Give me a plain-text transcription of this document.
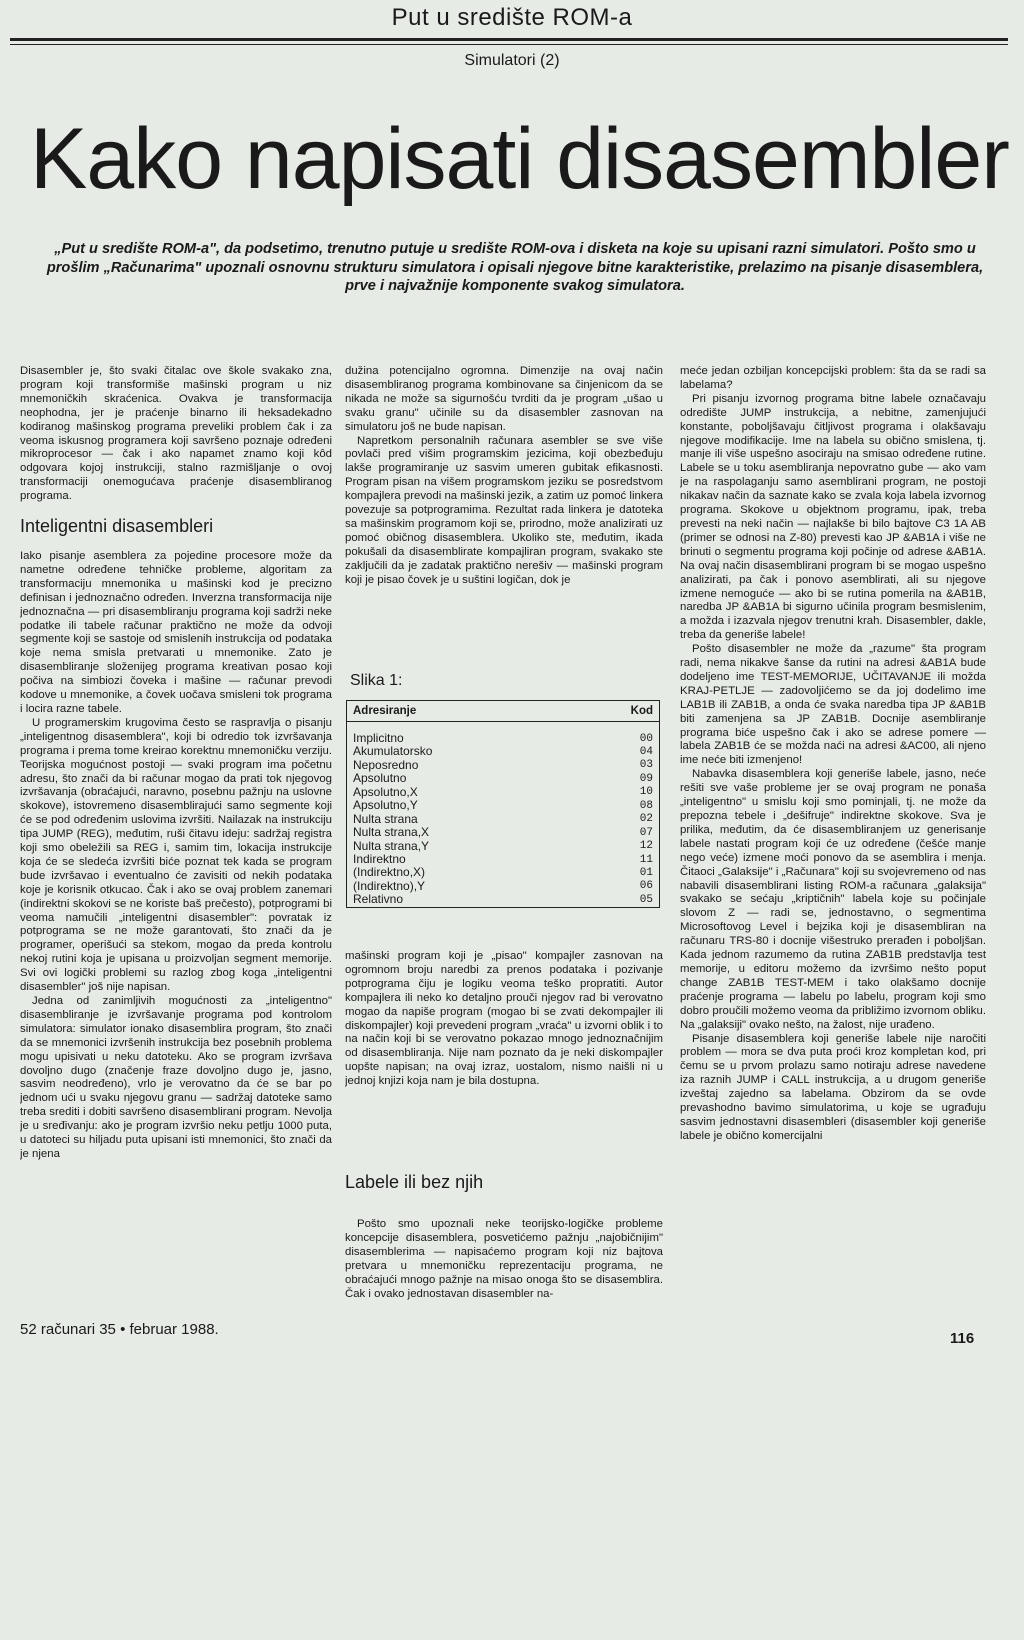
Put u središte ROM-a
Simulatori (2)
Kako napisati disasembler
„Put u središte ROM-a", da podsetimo, trenutno putuje u središte ROM-ova i disketa na koje su upisani razni simulatori. Pošto smo u prošlim „Računarima" upoznali osnovnu strukturu simulatora i opisali njegove bitne karakteristike, prelazimo na pisanje disasemblera, prve i najvažnije komponente svakog simulatora.

Disasembler je, što svaki čitalac ove škole svakako zna, program koji transformiše mašinski program u niz mnemoničkih skraćenica. Ovakva je transformacija neophodna, jer je praćenje binarno ili heksadekadno kodiranog mašinskog programa preveliki problem čak i za veoma iskusnog programera koji savršeno poznaje određeni mikroprocesor — čak i ako napamet znamo koji kôd odgovara kojoj instrukciji, stalno razmišljanje o ovoj transformaciji onemogućava praćenje disasembliranog programa.

Inteligentni disasembleri

Iako pisanje asemblera za pojedine procesore može da nametne određene tehničke probleme, algoritam za transformaciju mnemonika u mašinski kod je precizno definisan i jednoznačno određen. Inverzna transformacija nije jednoznačna — pri disasembliranju programa koji sadrži neke podatke ili tabele računar praktično ne može da odvoji segmente koji se sastoje od smislenih instrukcija od podataka koje nema smisla pretvarati u mnemonike. Zato je disasembliranje složenijeg programa kreativan posao koji počiva na simbiozi čoveka i mašine — računar prevodi kodove u mnemonike, a čovek uočava smisleni tok programa i locira razne tabele.

U programerskim krugovima često se raspravlja o pisanju „inteligentnog disasemblera", koji bi odredio tok izvršavanja programa i prema tome kreirao korektnu mnemoničku verziju. Teorijska mogućnost postoji — svaki program ima početnu adresu, što znači da bi računar mogao da prati tok njegovog izvršavanja (obraćajući, naravno, posebnu pažnju na uslovne skokove), istovremeno disasemblirajući samo segmente koji će se pod određenim uslovima izvršiti. Nailazak na instrukciju tipa JUMP (REG), međutim, ruši čitavu ideju: sadržaj registra koji smo obeležili sa REG i, samim tim, lokacija instrukcije koja će se sledeća izvršiti biće poznat tek kada se program bude izvršavao i eventualno će zavisiti od nekih podataka koje je korisnik otkucao. Čak i ako se ovaj problem zanemari (indirektni skokovi se ne koriste baš prečesto), potprogrami bi veoma namučili „inteligentni disasembler": povratak iz potprograma se ne može garantovati, što znači da je programer, operišući sa stekom, mogao da preda kontrolu nekoj rutini koja je upisana u proizvoljan segment memorije. Svi ovi logički problemi su razlog zbog koga „inteligentni disasembler" još nije napisan.

Jedna od zanimljivih mogućnosti za „inteligentno" disasembliranje je izvršavanje programa pod kontrolom simulatora: simulator ionako disasemblira program, što znači da se mnemonici izvršenih instrukcija bez posebnih problema mogu upisivati u neku datoteku. Ako se program izvršava dovoljno dugo (značenje fraze dovoljno dugo je, jasno, sasvim neodređeno), vrlo je verovatno da će se bar po jednom ući u svaku njegovu granu — sadržaj datoteke samo treba srediti i dobiti savršeno disasemblirani program. Nevolja je u sređivanju: ako je program izvršio neku petlju 1000 puta, u datoteci su hiljadu puta upisani isti mnemonici, što znači da je njena

dužina potencijalno ogromna. Dimenzije na ovaj način disasembliranog programa kombinovane sa činjenicom da se nikada ne može sa sigurnošću tvrditi da je program „ušao u svaku granu" učinile su da disasembler zasnovan na simulatoru još ne bude napisan.

Napretkom personalnih računara asembler se sve više povlači pred višim programskim jezicima, koji obezbeđuju lakše programiranje uz sasvim umeren gubitak efikasnosti. Program pisan na višem programskom jeziku se posredstvom kompajlera prevodi na mašinski jezik, a zatim uz pomoć linkera povezuje sa potprogramima. Rezultat rada linkera je datoteka sa mašinskim programom koji se, prirodno, može analizirati uz pomoć običnog disasemblera. Ukoliko ste, međutim, ikada pokušali da disasemblirate kompajliran program, svakako ste zaključili da je zadatak praktično nerešiv — mašinski program koji je pisao čovek je u suštini logičan, dok je

Slika 1:
Adresiranje	Kod

Implicitno	00
Akumulatorsko	04
Neposredno	03
Apsolutno	09
Apsolutno,X	10
Apsolutno,Y	08
Nulta strana	02
Nulta strana,X	07
Nulta strana,Y	12
Indirektno	11
(Indirektno,X)	01
(Indirektno),Y	06
Relativno	05

mašinski program koji je „pisao" kompajler zasnovan na ogromnom broju naredbi za prenos podataka i pozivanje potprograma čiju je logiku veoma teško propratiti. Autor kompajlera ili neko ko detaljno prouči njegov rad bi verovatno mogao da napiše program (mogao bi se zvati dekompajler ili diskompajler) koji prevedeni program „vraća" u izvorni oblik i to na način koji bi se verovatno pokazao mnogo jednoznačnijim od disasembliranja. Nije nam poznato da je neki diskompajler uopšte napisan; na ovaj izraz, uostalom, nismo naišli ni u jednoj knjizi koja nam je bila dostupna.

Labele ili bez njih

Pošto smo upoznali neke teorijsko-logičke probleme koncepcije disasemblera, posvetićemo pažnju „najobičnijim" disasemblerima — napisaćemo program koji niz bajtova pretvara u mnemoničku reprezentaciju programa, ne obraćajući mnogo pažnje na misao onoga što se disasemblira. Čak i ovako jednostavan disasembler na-

meće jedan ozbiljan koncepcijski problem: šta da se radi sa labelama?

Pri pisanju izvornog programa bitne labele označavaju odredište JUMP instrukcija, a nebitne, zamenjujući konstante, poboljšavaju čitljivost programa i olakšavaju njegove modifikacije. Ime na labela su obično smislena, tj. manje ili više uspešno asociraju na smisao određene rutine. Labele se u toku asembliranja nepovratno gube — ako vam je na raspolaganju samo asemblirani program, ne postoji nikakav način da saznate kako se zvala koja labela izvornog programa. Skokove u objektnom programu, ipak, treba prevesti na neki način — najlakše bi bilo bajtove C3 1A AB (primer se odnosi na Z-80) prevesti kao JP &AB1A i više ne brinuti o segmentu programa koji počinje od adrese &AB1A. Na ovaj način disasemblirani program bi se mogao uspešno analizirati, pa čak i ponovo asemblirati, ali su njegove izmene nemoguće — ako bi se rutina pomerila na &AB1B, naredba JP &AB1A bi sigurno učinila program besmislenim, a možda i izazvala njegov trenutni krah. Disasembler, dakle, treba da generiše labele!

Pošto disasembler ne može da „razume" šta program radi, nema nikakve šanse da rutini na adresi &AB1A bude dodeljeno ime TEST-MEMORIJE, UČITAVANJE ili možda KRAJ-PETLJE — zadovoljićemo se da joj dodelimo ime LAB1B ili ZAB1B, a onda će svaka naredba tipa JP &AB1B biti zamenjena sa JP ZAB1B. Docnije asembliranje programa biće uspešno čak i ako se adrese pomere — labela ZAB1B će se možda naći na adresi &AC00, ali njeno ime neće biti izmenjeno!

Nabavka disasemblera koji generiše labele, jasno, neće rešiti sve vaše probleme jer se ovaj program ne ponaša „inteligentno" u smislu koji smo pominjali, tj. ne može da prepozna tebele i „dešifruje" indirektne skokove. Sva je prilika, međutim, da će disasembliranjem uz generisanje labele nastati program koji će uz određene (češće manje nego veće) izmene moći ponovo da se asemblira i menja. Čitaoci „Galaksije" i „Računara" koji su svojevremeno od nas nabavili disasemblirani listing ROM-a računara „galaksija" svakako se sećaju „kriptičnih" labela koje su počinjale slovom Z — radi se, jednostavno, o segmentima Microsoftovog Level i bejzika koji je disasembliran na računaru TRS-80 i docnije višestruko prerađen i poboljšan. Kada jednom razumemo da rutina ZAB1B predstavlja test memorije, u editoru možemo da izvršimo nešto poput change ZAB1B TEST-MEM i tako olakšamo docnije praćenje programa — labelu po labelu, program koji smo dobro proučili možemo veoma da približimo izvornom obliku. Na „galaksiji" ovako nešto, na žalost, nije urađeno.

Pisanje disasemblera koji generiše labele nije naročiti problem — mora se dva puta proći kroz kompletan kod, pri čemu se u prvom prolazu samo notiraju adrese navedene iza raznih JUMP i CALL instrukcija, a u drugom generiše izveštaj zajedno sa labelama. Obzirom da se ovde prevashodno bavimo simulatorima, u koje se ugrađuju sasvim jednostavni disasembleri (disasembler koji generiše labele je obično komercijalni

52 računari 35 • februar 1988.
116
